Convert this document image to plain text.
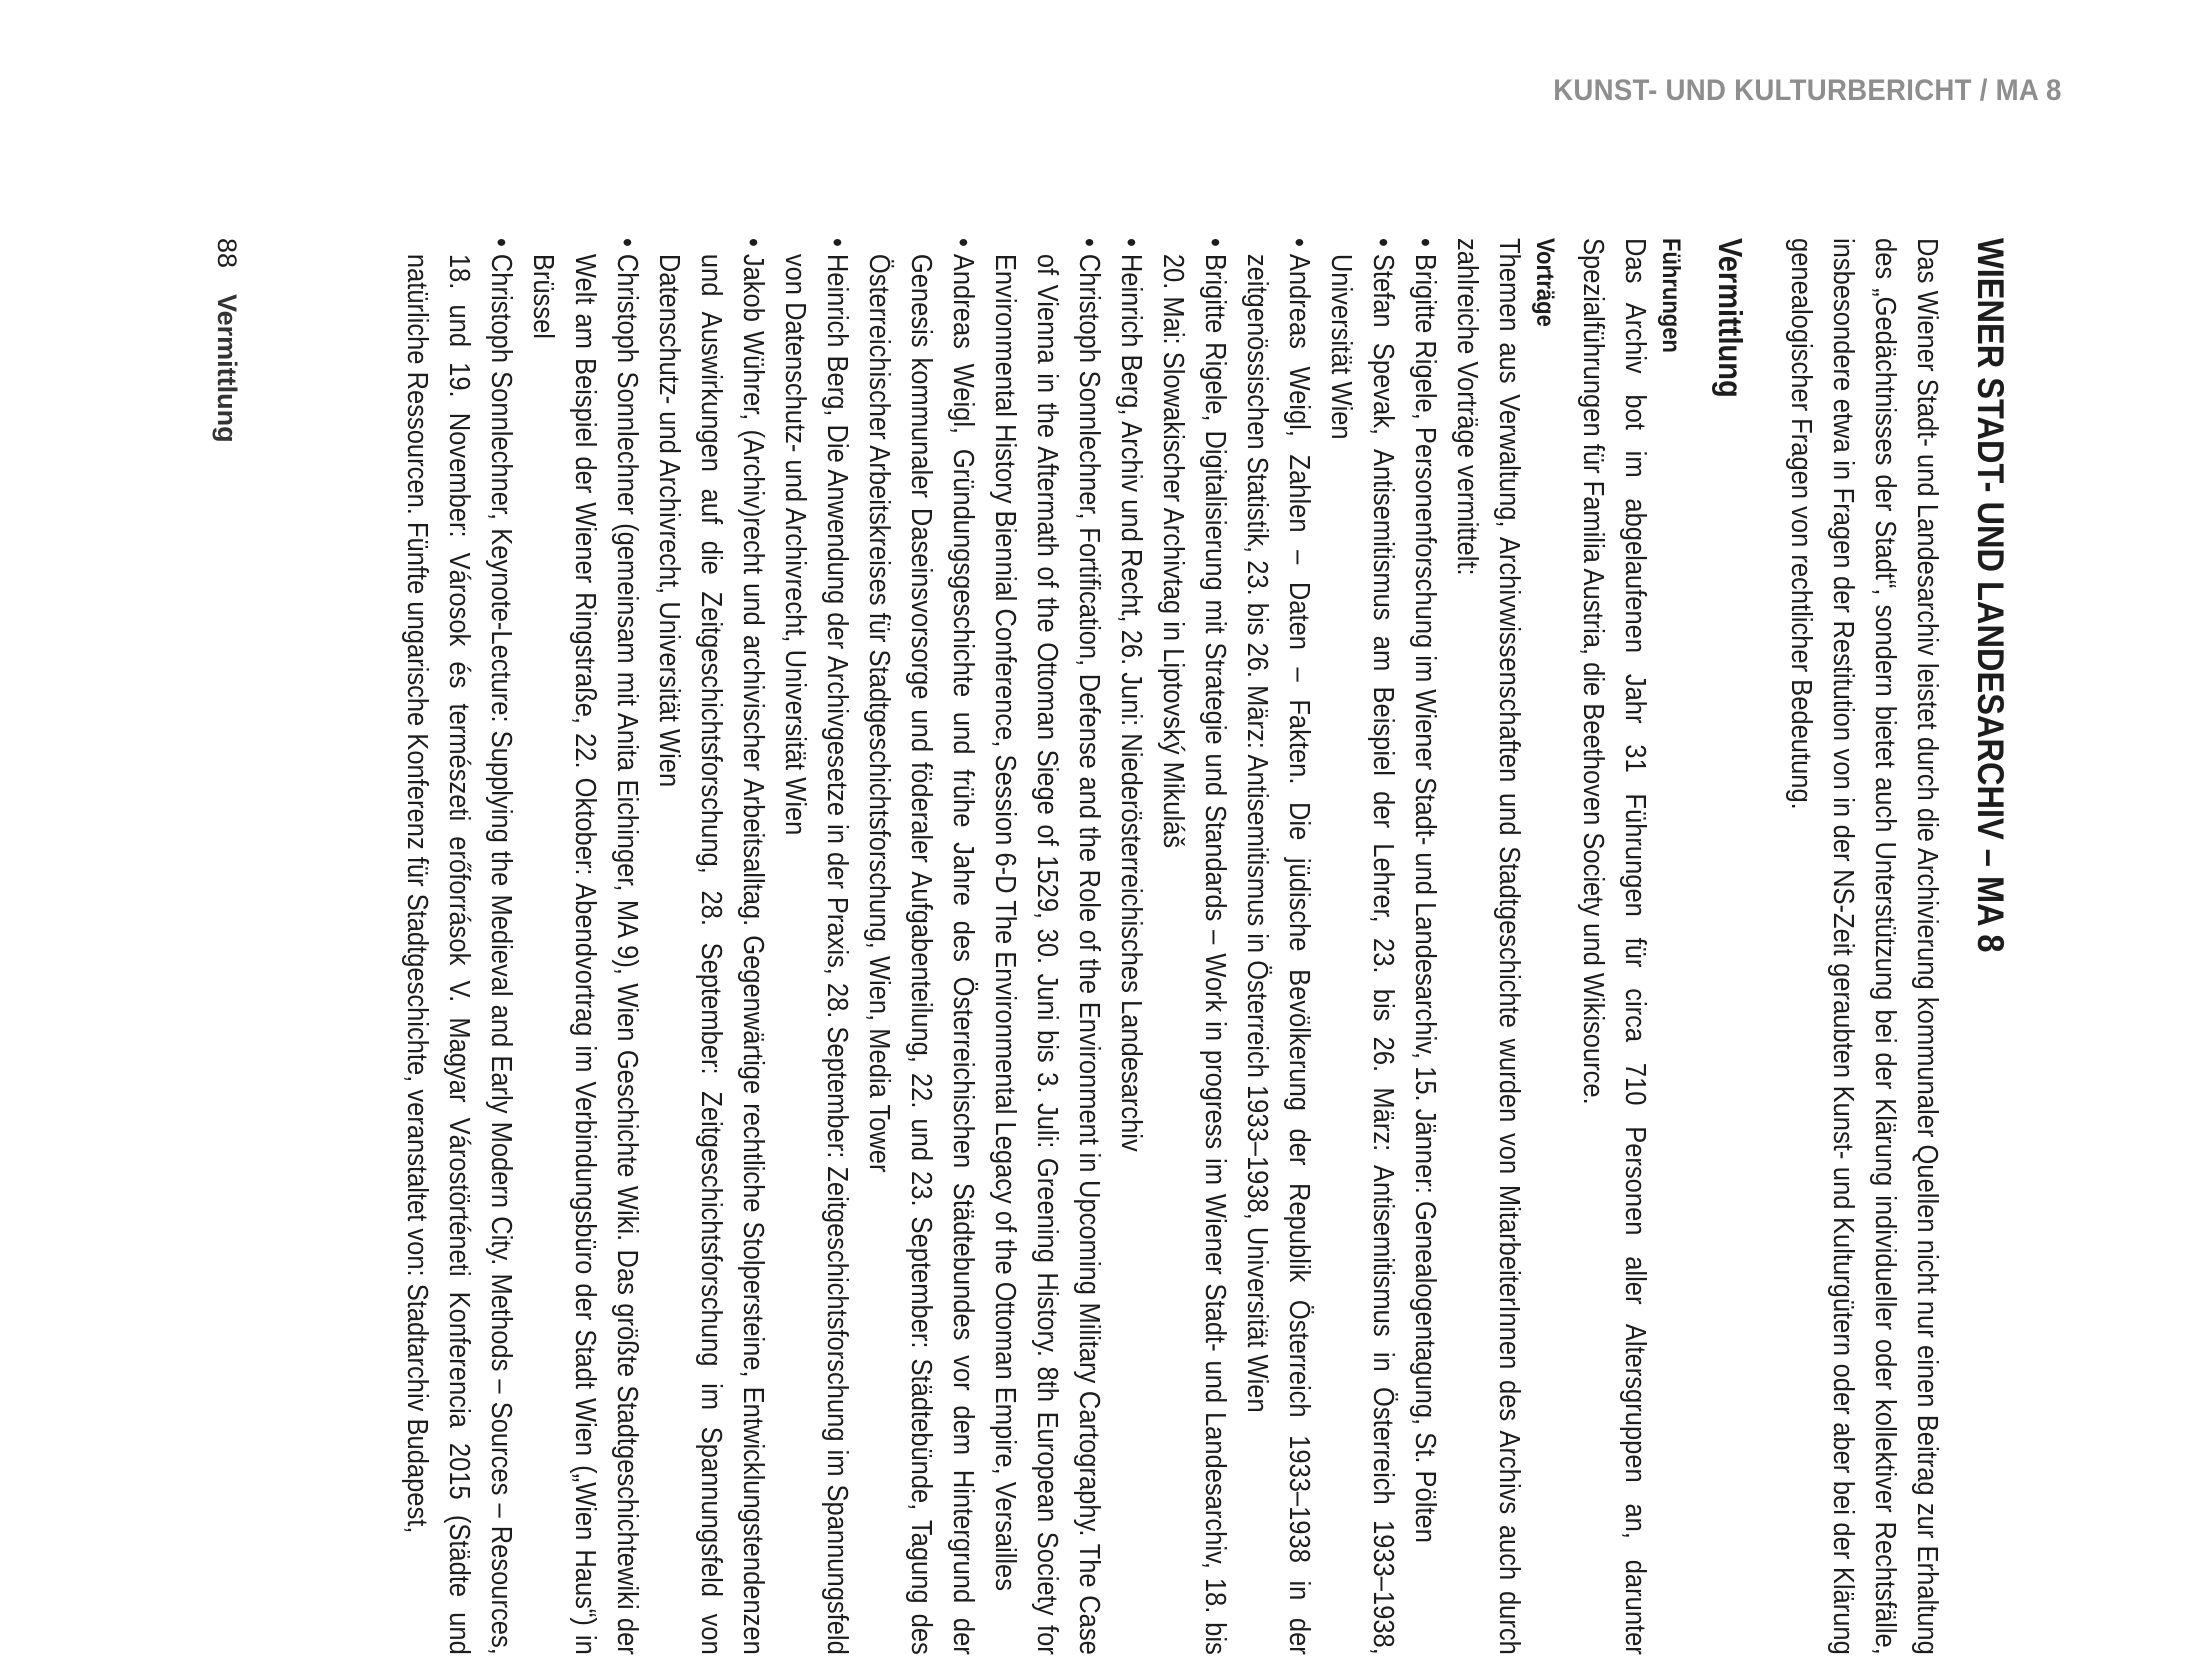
KUNST- UND KULTURBERICHT / MA 8
WIENER STADT- UND LANDESARCHIV – MA 8

Das Wiener Stadt- und Landesarchiv leistet durch die Archivierung kommunaler Quellen nicht nur einen Beitrag zur Erhaltung des „Gedächtnisses der Stadt“, sondern bietet auch Unterstützung bei der Klärung individueller oder kollektiver Rechtsfälle, insbesondere etwa in Fragen der Restitution von in der NS-Zeit geraubten Kunst- und Kulturgütern oder aber bei der Klärung genealogischer Fragen von rechtlicher Bedeutung.

Vermittlung
Führungen

Das Archiv bot im abgelaufenen Jahr 31 Führungen für circa 710 Personen aller Altersgruppen an, darunter Spezialführungen für Familia Austria, die Beethoven Society und Wikisource.

Vorträge

Themen aus Verwaltung, Archivwissenschaften und Stadtgeschichte wurden von MitarbeiterInnen des Archivs auch durch zahlreiche Vorträge vermittelt:

•
Brigitte Rigele, Personenforschung im Wiener Stadt- und Landesarchiv, 15. Jänner: Genealogentagung, St. Pölten
•
Stefan Spevak, Antisemitismus am Beispiel der Lehrer, 23. bis 26. März: Antisemitismus in Österreich 1933–1938, Universität Wien
•
Andreas Weigl, Zahlen – Daten – Fakten. Die jüdische Bevölkerung der Republik Österreich 1933–1938 in der zeitgenössischen Statistik, 23. bis 26. März: Antisemitismus in Österreich 1933–1938, Universität Wien
•
Brigitte Rigele, Digitalisierung mit Strategie und Standards – Work in progress im Wiener Stadt- und Landesarchiv, 18. bis 20. Mai: Slowakischer Archivtag in Liptovský Mikuláš
•
Heinrich Berg, Archiv und Recht, 26. Juni: Niederösterreichisches Landesarchiv
•
Christoph Sonnlechner, Fortification, Defense and the Role of the Environment in Upcoming Military Cartography. The Case of Vienna in the Aftermath of the Ottoman Siege of 1529, 30. Juni bis 3. Juli: Greening History. 8th European Society for Environmental History Biennial Conference, Session 6-D The Environmental Legacy of the Ottoman Empire, Versailles
•
Andreas Weigl, Gründungsgeschichte und frühe Jahre des Österreichischen Städtebundes vor dem Hintergrund der Genesis kommunaler Daseinsvorsorge und föderaler Aufgabenteilung, 22. und 23. September: Städtebünde, Tagung des Österreichischer Arbeitskreises für Stadtgeschichtsforschung, Wien, Media Tower
•
Heinrich Berg, Die Anwendung der Archivgesetze in der Praxis, 28. September: Zeitgeschichtsforschung im Spannungsfeld von Datenschutz- und Archivrecht, Universität Wien
•
Jakob Wührer, (Archiv)recht und archivischer Arbeitsalltag. Gegenwärtige rechtliche Stolpersteine, Entwicklungstendenzen und Auswirkungen auf die Zeitgeschichtsforschung, 28. September: Zeitgeschichtsforschung im Spannungsfeld von Datenschutz- und Archivrecht, Universität Wien
•
Christoph Sonnlechner (gemeinsam mit Anita Eichinger, MA 9), Wien Geschichte Wiki. Das größte Stadtgeschichtewiki der Welt am Beispiel der Wiener Ringstraße, 22. Oktober: Abendvortrag im Verbindungsbüro der Stadt Wien („Wien Haus“) in Brüssel
•
Christoph Sonnlechner, Keynote-Lecture: Supplying the Medieval and Early Modern City. Methods – Sources – Resources, 18. und 19. November: Városok és természeti erőforrások V. Magyar Várostörténeti Konferencia 2015 (Städte und natürliche Ressourcen. Fünfte ungarische Konferenz für Stadtgeschichte, veranstaltet von: Stadtarchiv Budapest,
88Vermittlung
